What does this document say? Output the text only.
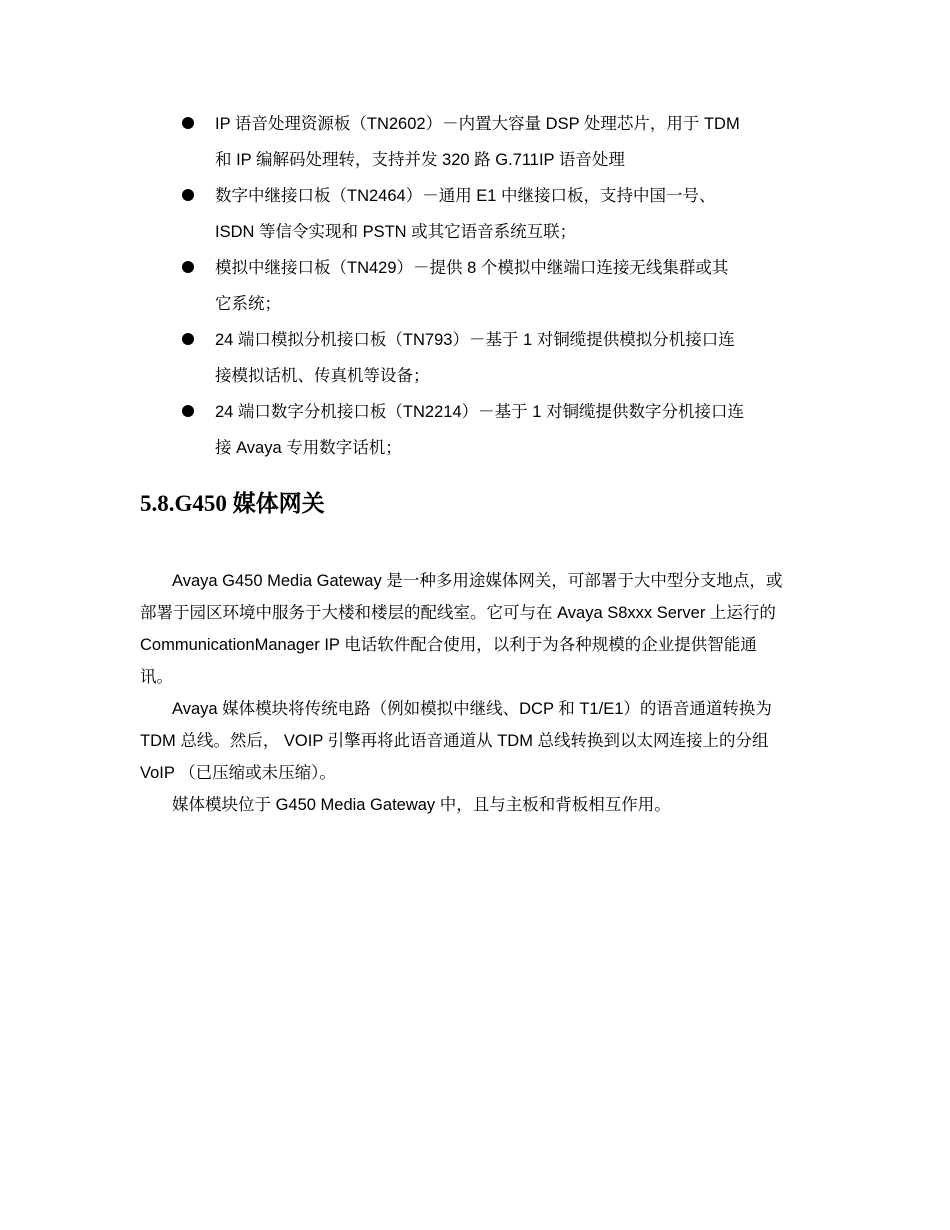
IP 语音处理资源板（TN2602）－内置大容量 DSP 处理芯片，用于 TDM
和 IP 编解码处理转，支持并发 320 路 G.711IP 语音处理
数字中继接口板（TN2464）－通用 E1 中继接口板，支持中国一号、
ISDN 等信令实现和 PSTN 或其它语音系统互联；
模拟中继接口板（TN429）－提供 8 个模拟中继端口连接无线集群或其
它系统；
24 端口模拟分机接口板（TN793）－基于 1 对铜缆提供模拟分机接口连
接模拟话机、传真机等设备；
24 端口数字分机接口板（TN2214）－基于 1 对铜缆提供数字分机接口连
接 Avaya 专用数字话机；
5.8.G450 媒体网关

Avaya G450 Media Gateway 是一种多用途媒体网关，可部署于大中型分支地点，或
部署于园区环境中服务于大楼和楼层的配线室。它可与在 Avaya S8xxx Server 上运行的
CommunicationManager IP 电话软件配合使用，以利于为各种规模的企业提供智能通
讯。

Avaya 媒体模块将传统电路（例如模拟中继线、DCP 和 T1/E1）的语音通道转换为
TDM 总线。然后， VOIP 引擎再将此语音通道从 TDM 总线转换到以太网连接上的分组
VoIP （已压缩或未压缩）。

媒体模块位于 G450 Media Gateway 中，且与主板和背板相互作用。
